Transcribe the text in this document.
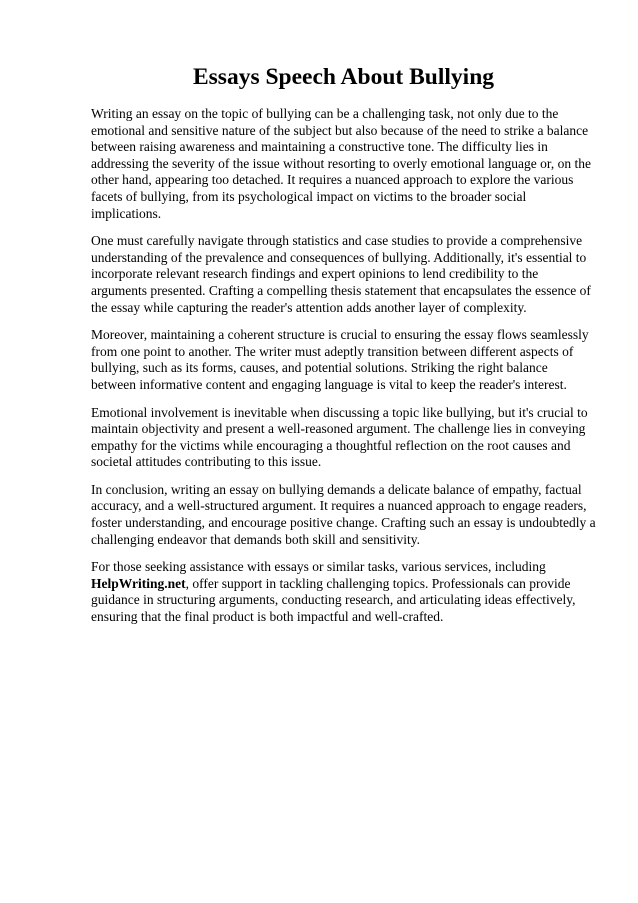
Essays Speech About Bullying

Writing an essay on the topic of bullying can be a challenging task, not only due to the emotional and sensitive nature of the subject but also because of the need to strike a balance between raising awareness and maintaining a constructive tone. The difficulty lies in addressing the severity of the issue without resorting to overly emotional language or, on the other hand, appearing too detached. It requires a nuanced approach to explore the various facets of bullying, from its psychological impact on victims to the broader social implications.

One must carefully navigate through statistics and case studies to provide a comprehensive understanding of the prevalence and consequences of bullying. Additionally, it's essential to incorporate relevant research findings and expert opinions to lend credibility to the arguments presented. Crafting a compelling thesis statement that encapsulates the essence of the essay while capturing the reader's attention adds another layer of complexity.

Moreover, maintaining a coherent structure is crucial to ensuring the essay flows seamlessly from one point to another. The writer must adeptly transition between different aspects of bullying, such as its forms, causes, and potential solutions. Striking the right balance between informative content and engaging language is vital to keep the reader's interest.

Emotional involvement is inevitable when discussing a topic like bullying, but it's crucial to maintain objectivity and present a well-reasoned argument. The challenge lies in conveying empathy for the victims while encouraging a thoughtful reflection on the root causes and societal attitudes contributing to this issue.

In conclusion, writing an essay on bullying demands a delicate balance of empathy, factual accuracy, and a well-structured argument. It requires a nuanced approach to engage readers, foster understanding, and encourage positive change. Crafting such an essay is undoubtedly a challenging endeavor that demands both skill and sensitivity.

For those seeking assistance with essays or similar tasks, various services, including HelpWriting.net, offer support in tackling challenging topics. Professionals can provide guidance in structuring arguments, conducting research, and articulating ideas effectively, ensuring that the final product is both impactful and well-crafted.
